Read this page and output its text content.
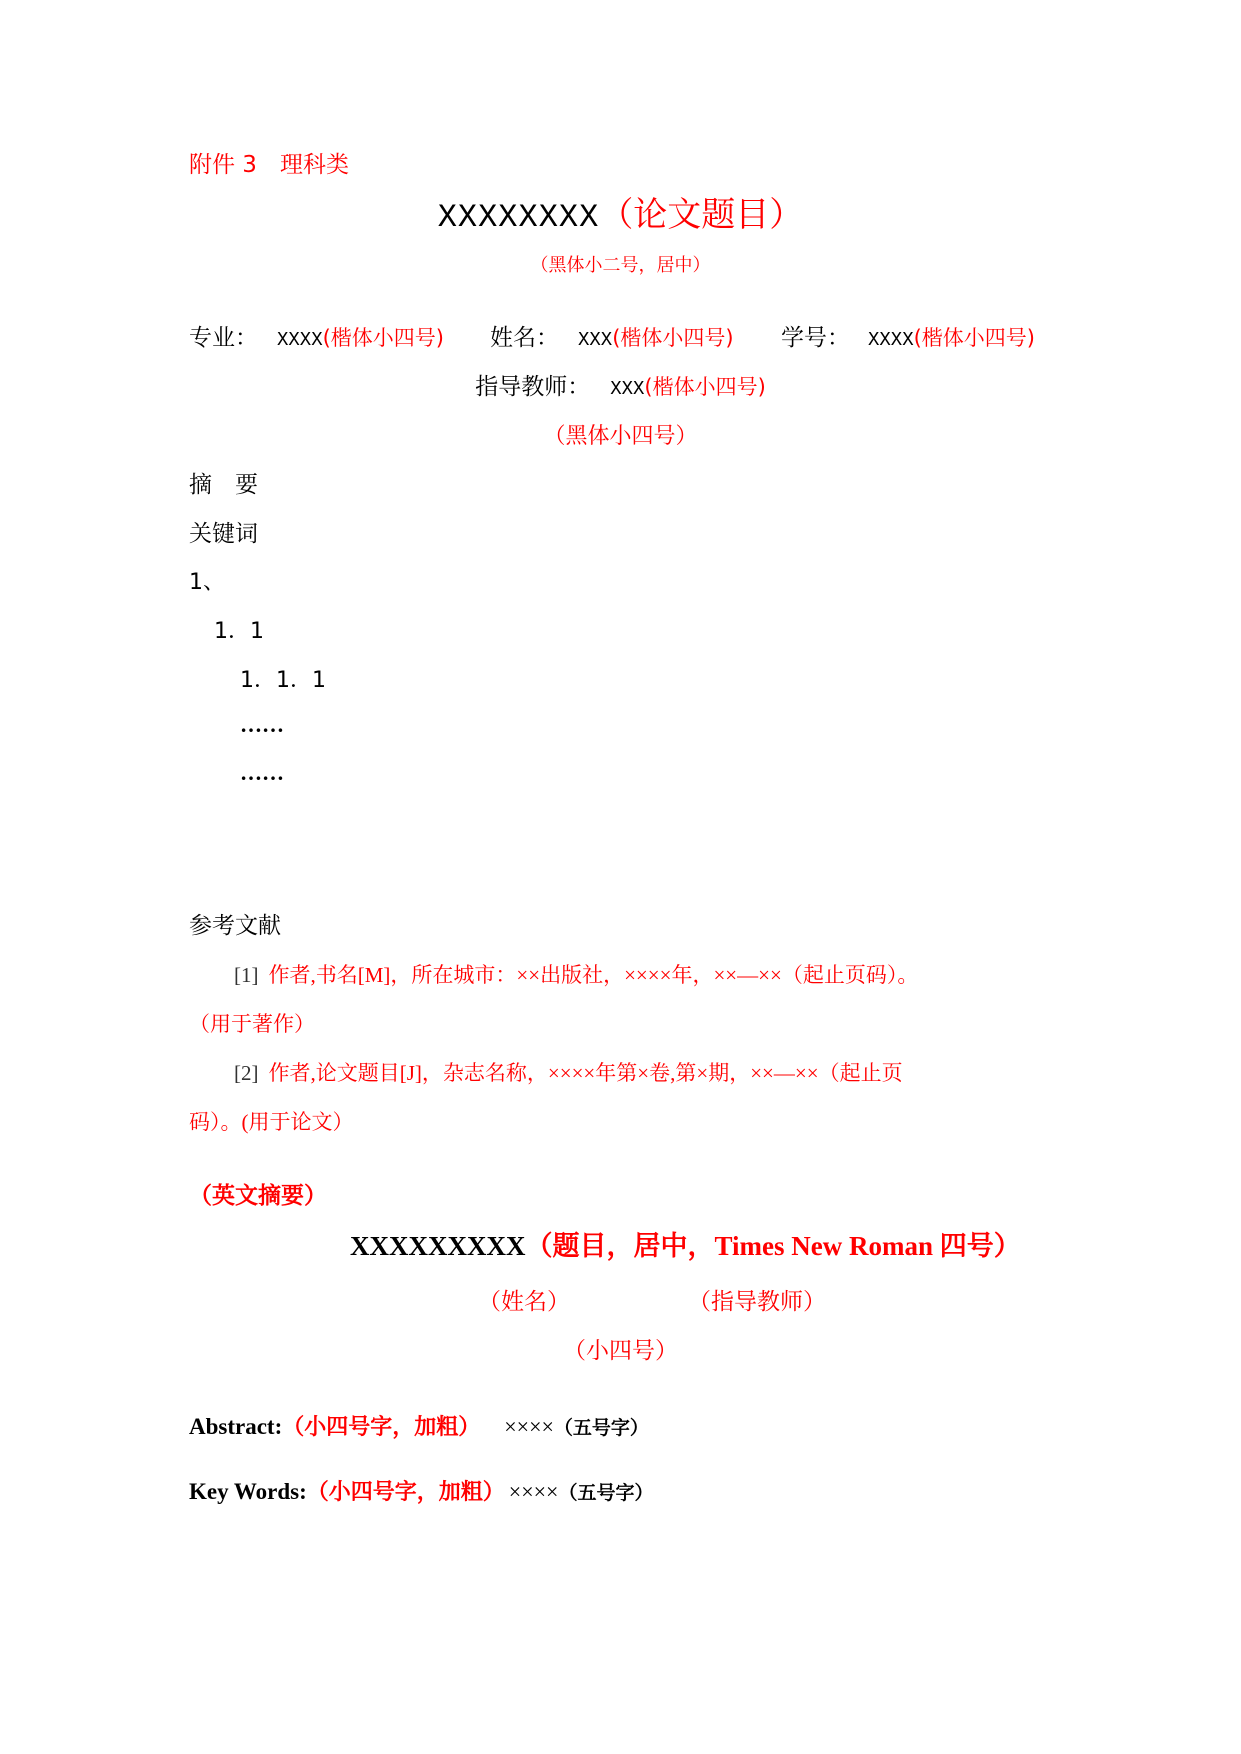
附件 3　理科类
XXXXXXXX（论文题目）
（黑体小二号，居中）
专业： XXXX(楷体小四号) 姓名： XXX(楷体小四号) 学号： XXXX(楷体小四号)
指导教师： XXX(楷体小四号)
（黑体小四号）
摘　要
关键词
1、
1．1
1．1．1
……
……
参考文献
[1] 作者,书名[M]，所在城市：××出版社，××××年，××—××（起止页码）。
（用于著作）
[2] 作者,论文题目[J]，杂志名称，××××年第×卷,第×期，××—××（起止页
码）。(用于论文）
（英文摘要）
XXXXXXXXX（题目，居中，Times New Roman 四号）
（姓名）	（指导教师）
（小四号）
Abstract:（小四号字，加粗） ××××（五号字）
Key Words:（小四号字，加粗） ××××（五号字）
